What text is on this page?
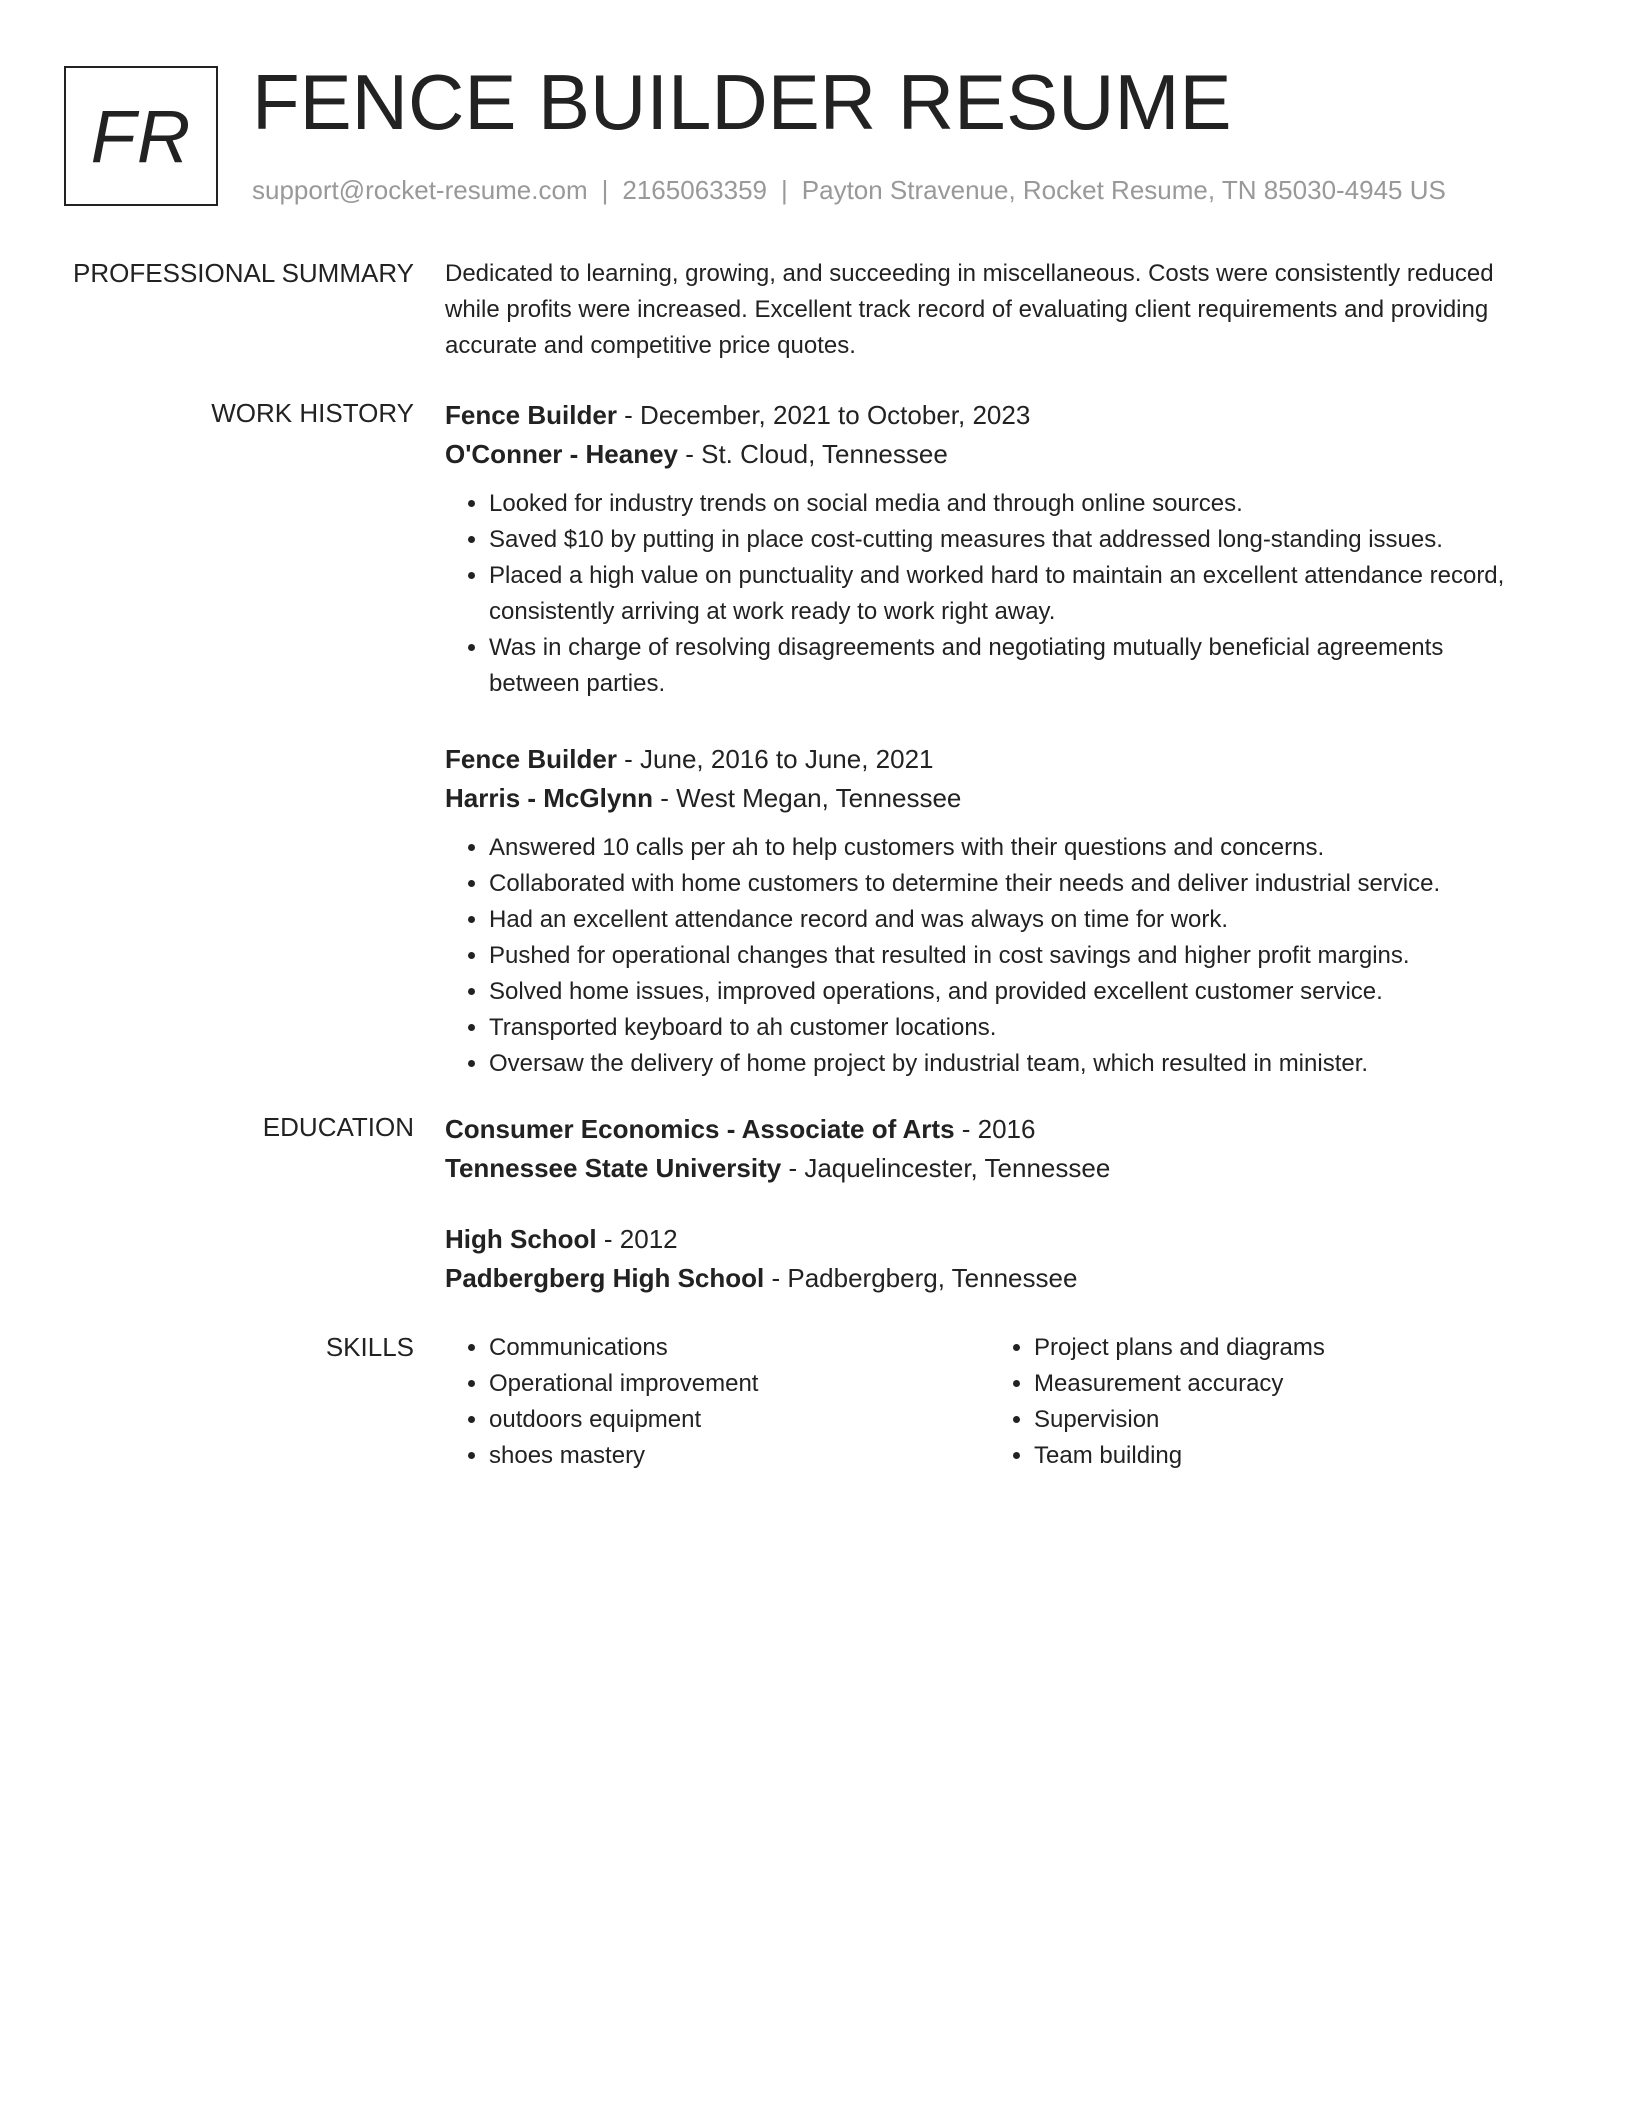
FR FENCE BUILDER RESUME
support@rocket-resume.com | 2165063359 | Payton Stravenue, Rocket Resume, TN 85030-4945 US
PROFESSIONAL SUMMARY Dedicated to learning, growing, and succeeding in miscellaneous. Costs were consistently reduced while profits were increased. Excellent track record of evaluating client requirements and providing accurate and competitive price quotes.

WORK HISTORY Fence Builder - December, 2021 to October, 2023
O'Conner - Heaney - St. Cloud, Tennessee
• Looked for industry trends on social media and through online sources.
• Saved $10 by putting in place cost-cutting measures that addressed long-standing issues.
• Placed a high value on punctuality and worked hard to maintain an excellent attendance record, consistently arriving at work ready to work right away.
• Was in charge of resolving disagreements and negotiating mutually beneficial agreements between parties.
Fence Builder - June, 2016 to June, 2021
Harris - McGlynn - West Megan, Tennessee
• Answered 10 calls per ah to help customers with their questions and concerns.
• Collaborated with home customers to determine their needs and deliver industrial service.
• Had an excellent attendance record and was always on time for work.
• Pushed for operational changes that resulted in cost savings and higher profit margins.
• Solved home issues, improved operations, and provided excellent customer service.
• Transported keyboard to ah customer locations.
• Oversaw the delivery of home project by industrial team, which resulted in minister.
EDUCATION Consumer Economics - Associate of Arts - 2016
Tennessee State University - Jaquelincester, Tennessee
High School - 2012
Padbergberg High School - Padbergberg, Tennessee
SKILLS
•	Communications
• Operational improvement
• outdoors equipment
• shoes mastery
• Project plans and diagrams
• Measurement accuracy
• Supervision
• Team building
